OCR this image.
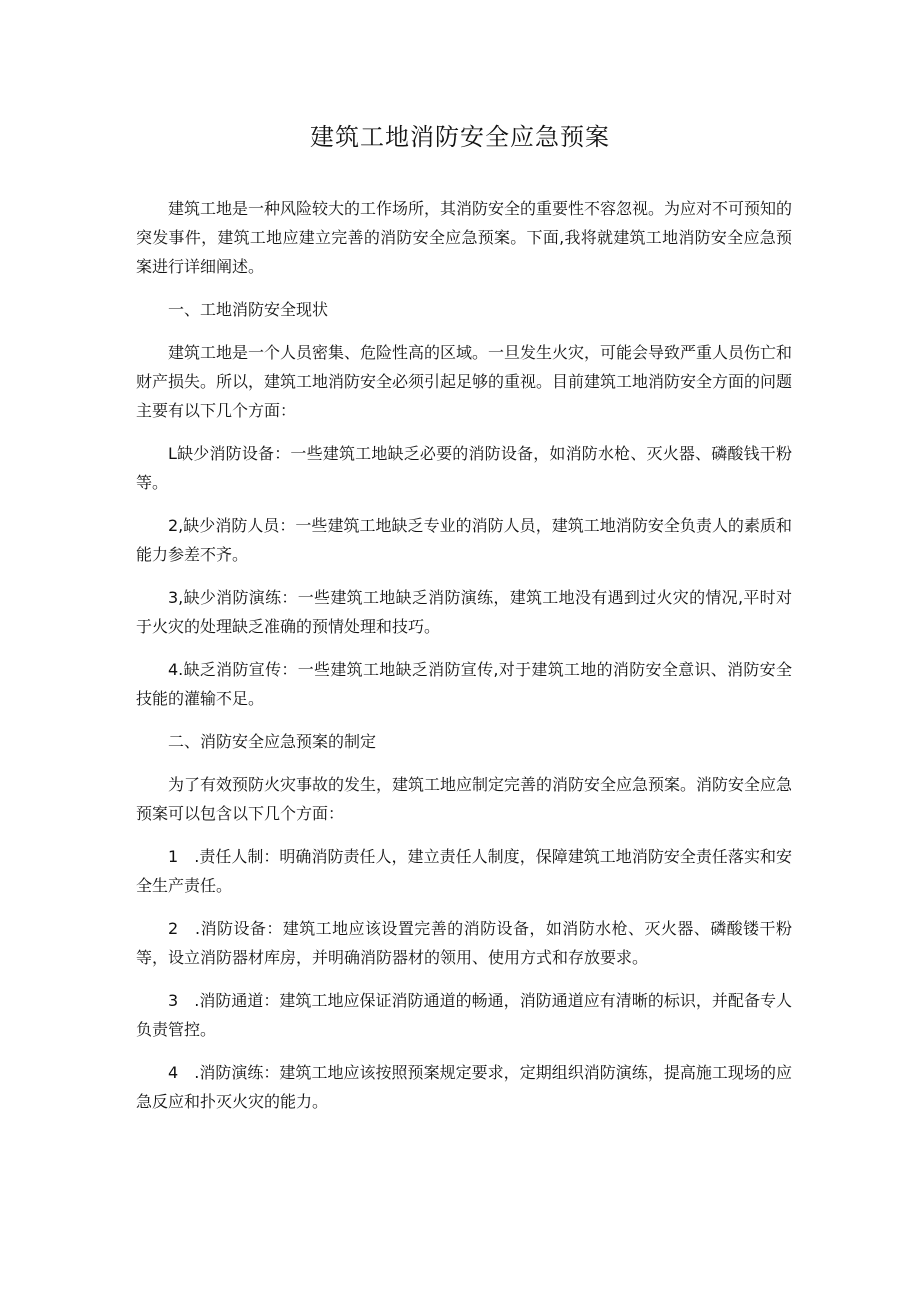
建筑工地消防安全应急预案

建筑工地是一种风险较大的工作场所，其消防安全的重要性不容忽视。为应对不可预知的突发事件，建筑工地应建立完善的消防安全应急预案。下面,我将就建筑工地消防安全应急预案进行详细阐述。

一、工地消防安全现状

建筑工地是一个人员密集、危险性高的区域。一旦发生火灾，可能会导致严重人员伤亡和财产损失。所以，建筑工地消防安全必须引起足够的重视。目前建筑工地消防安全方面的问题主要有以下几个方面：

L缺少消防设备：一些建筑工地缺乏必要的消防设备，如消防水枪、灭火器、磷酸钱干粉等。

2,缺少消防人员：一些建筑工地缺乏专业的消防人员，建筑工地消防安全负责人的素质和能力参差不齐。

3,缺少消防演练：一些建筑工地缺乏消防演练，建筑工地没有遇到过火灾的情况,平时对于火灾的处理缺乏准确的预情处理和技巧。

4.缺乏消防宣传：一些建筑工地缺乏消防宣传,对于建筑工地的消防安全意识、消防安全技能的灌输不足。

二、消防安全应急预案的制定

为了有效预防火灾事故的发生，建筑工地应制定完善的消防安全应急预案。消防安全应急预案可以包含以下几个方面：

1　.责任人制：明确消防责任人，建立责任人制度，保障建筑工地消防安全责任落实和安全生产责任。

2　.消防设备：建筑工地应该设置完善的消防设备，如消防水枪、灭火器、磷酸镂干粉等，设立消防器材库房，并明确消防器材的领用、使用方式和存放要求。

3　.消防通道：建筑工地应保证消防通道的畅通，消防通道应有清晰的标识，并配备专人负责管控。

4　.消防演练：建筑工地应该按照预案规定要求，定期组织消防演练，提高施工现场的应急反应和扑灭火灾的能力。
